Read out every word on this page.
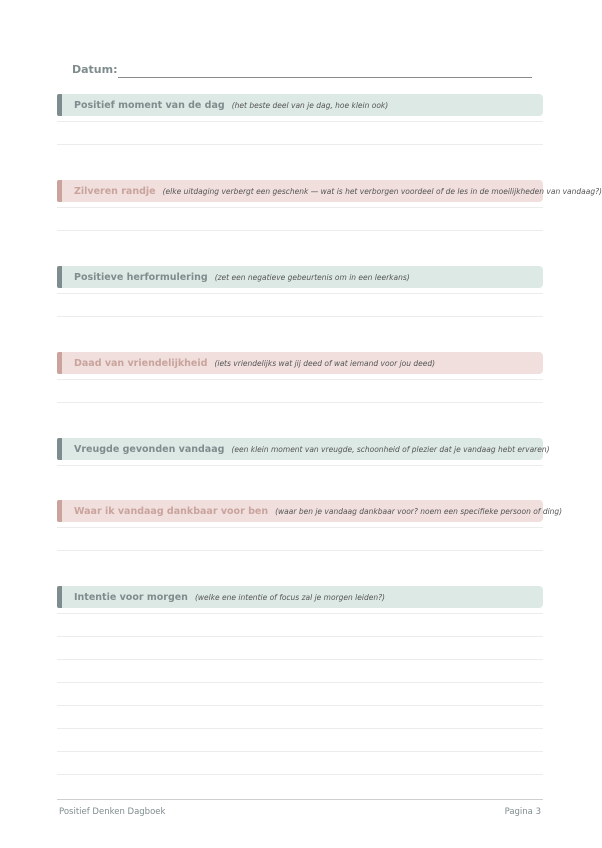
Datum:
Positief moment van de dag (het beste deel van je dag, hoe klein ook)
Zilveren randje (elke uitdaging verbergt een geschenk — wat is het verborgen voordeel of de les in de moeilijkheden van vandaag?)
Positieve herformulering (zet een negatieve gebeurtenis om in een leerkans)
Daad van vriendelijkheid (iets vriendelijks wat jij deed of wat iemand voor jou deed)
Vreugde gevonden vandaag (een klein moment van vreugde, schoonheid of plezier dat je vandaag hebt ervaren)
Waar ik vandaag dankbaar voor ben (waar ben je vandaag dankbaar voor? noem een specifieke persoon of ding)
Intentie voor morgen (welke ene intentie of focus zal je morgen leiden?)
Positief Denken Dagboek	Pagina 3
